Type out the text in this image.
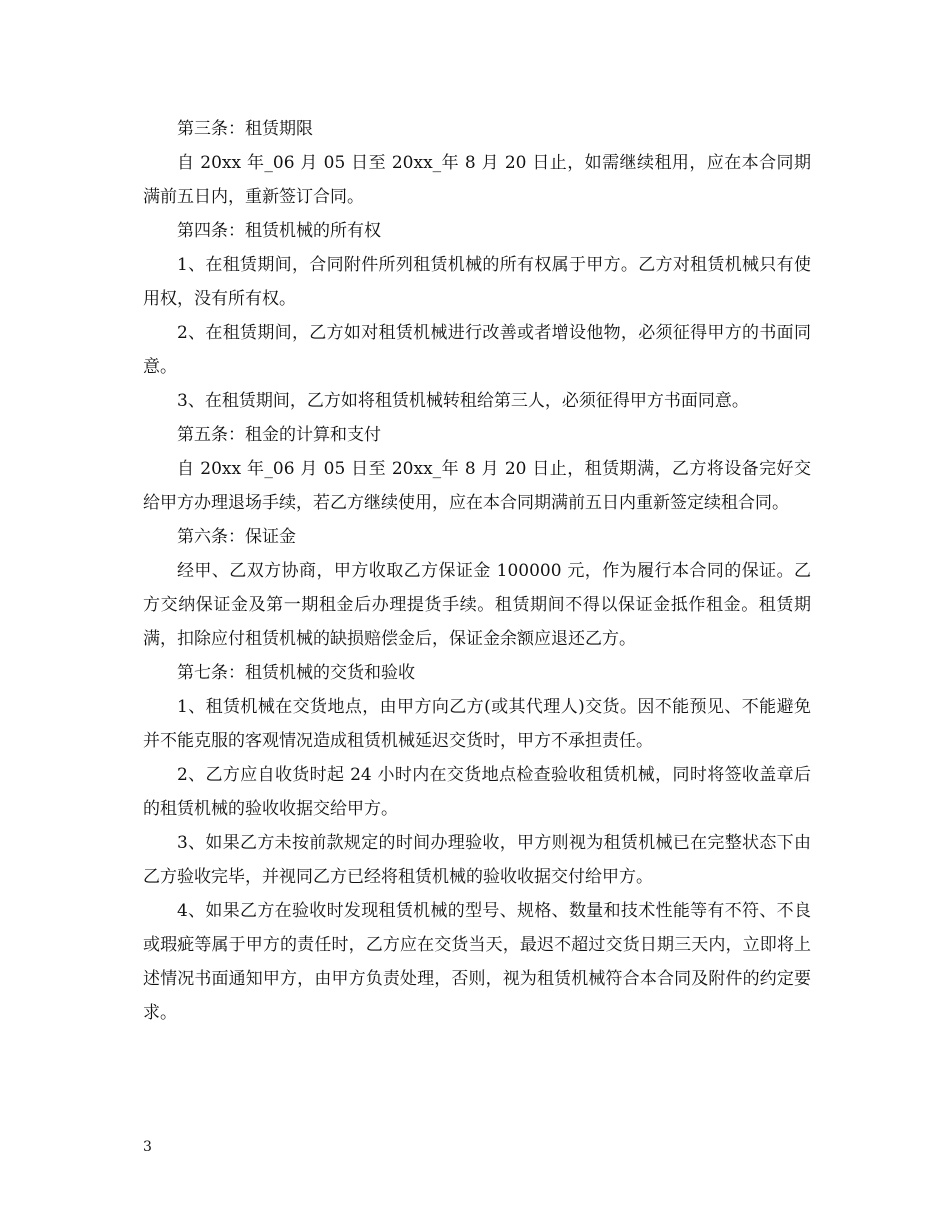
第三条：租赁期限

自 20xx 年_06 月 05 日至 20xx_年 8 月 20 日止，如需继续租用，应在本合同期满前五日内，重新签订合同。

第四条：租赁机械的所有权

1、在租赁期间，合同附件所列租赁机械的所有权属于甲方。乙方对租赁机械只有使用权，没有所有权。

2、在租赁期间，乙方如对租赁机械进行改善或者增设他物，必须征得甲方的书面同意。

3、在租赁期间，乙方如将租赁机械转租给第三人，必须征得甲方书面同意。

第五条：租金的计算和支付

自 20xx 年_06 月 05 日至 20xx_年 8 月 20 日止，租赁期满，乙方将设备完好交给甲方办理退场手续，若乙方继续使用，应在本合同期满前五日内重新签定续租合同。

第六条：保证金

经甲、乙双方协商，甲方收取乙方保证金 100000 元，作为履行本合同的保证。乙方交纳保证金及第一期租金后办理提货手续。租赁期间不得以保证金抵作租金。租赁期满，扣除应付租赁机械的缺损赔偿金后，保证金余额应退还乙方。

第七条：租赁机械的交货和验收

1、租赁机械在交货地点，由甲方向乙方(或其代理人)交货。因不能预见、不能避免并不能克服的客观情况造成租赁机械延迟交货时，甲方不承担责任。

2、乙方应自收货时起 24 小时内在交货地点检查验收租赁机械，同时将签收盖章后的租赁机械的验收收据交给甲方。

3、如果乙方未按前款规定的时间办理验收，甲方则视为租赁机械已在完整状态下由乙方验收完毕，并视同乙方已经将租赁机械的验收收据交付给甲方。

4、如果乙方在验收时发现租赁机械的型号、规格、数量和技术性能等有不符、不良或瑕疵等属于甲方的责任时，乙方应在交货当天，最迟不超过交货日期三天内，立即将上述情况书面通知甲方，由甲方负责处理，否则，视为租赁机械符合本合同及附件的约定要求。

3
